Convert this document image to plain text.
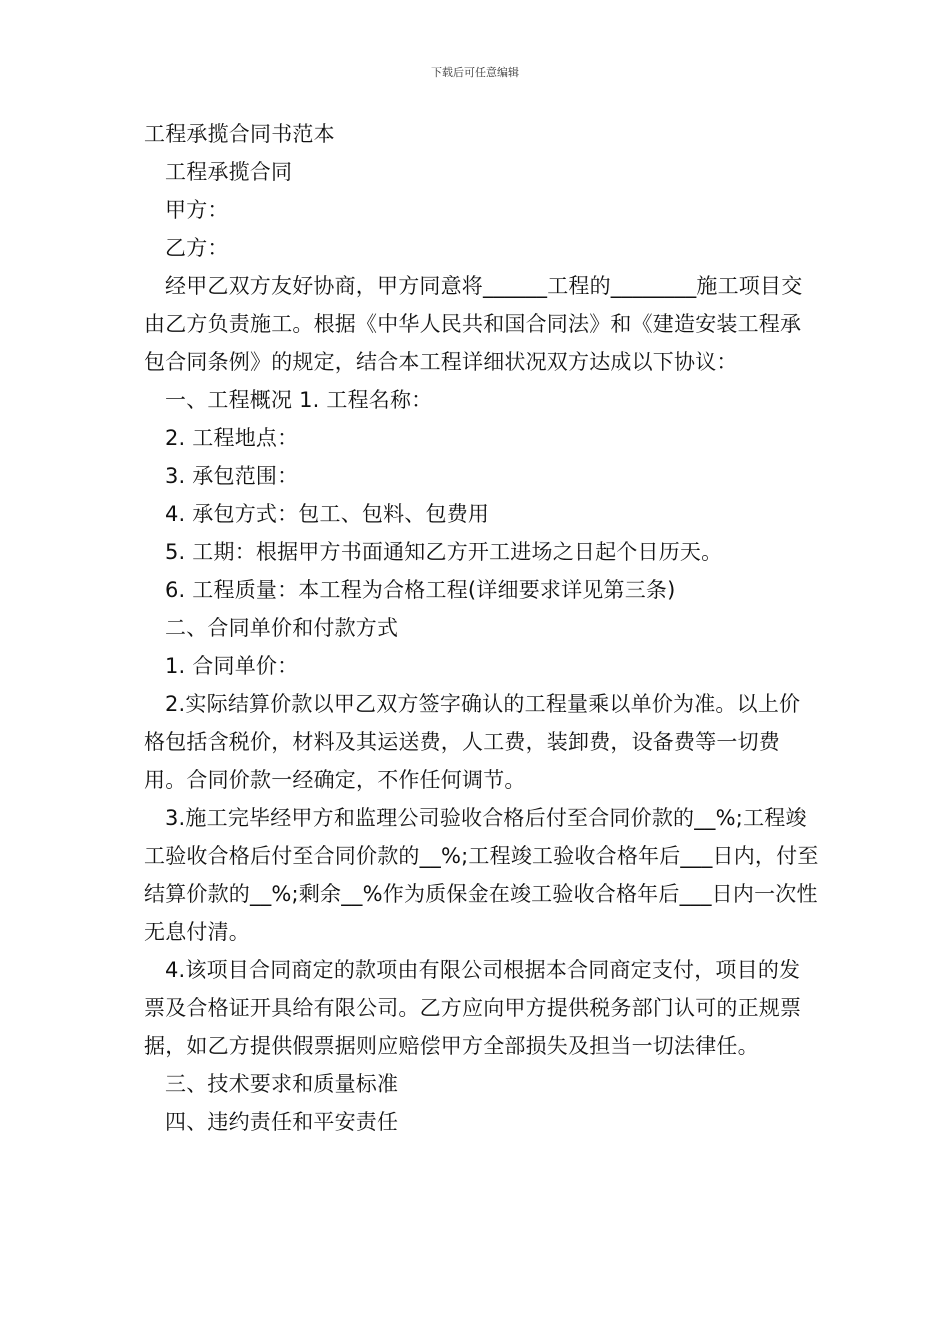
下载后可任意编辑

工程承揽合同书范本

工程承揽合同

甲方：

乙方：

经甲乙双方友好协商，甲方同意将______工程的________施工项目交由乙方负责施工。根据《中华人民共和国合同法》和《建造安装工程承包合同条例》的规定，结合本工程详细状况双方达成以下协议：

一、工程概况 1. 工程名称：

2. 工程地点：

3. 承包范围：

4. 承包方式：包工、包料、包费用

5. 工期：根据甲方书面通知乙方开工进场之日起个日历天。

6. 工程质量：本工程为合格工程(详细要求详见第三条)

二、合同单价和付款方式

1. 合同单价：

2.实际结算价款以甲乙双方签字确认的工程量乘以单价为准。以上价格包括含税价，材料及其运送费，人工费，装卸费，设备费等一切费用。合同价款一经确定，不作任何调节。

3.施工完毕经甲方和监理公司验收合格后付至合同价款的__%;工程竣工验收合格后付至合同价款的__%;工程竣工验收合格年后___日内，付至结算价款的__%;剩余__%作为质保金在竣工验收合格年后___日内一次性无息付清。

4.该项目合同商定的款项由有限公司根据本合同商定支付，项目的发票及合格证开具给有限公司。乙方应向甲方提供税务部门认可的正规票据，如乙方提供假票据则应赔偿甲方全部损失及担当一切法律任。

三、技术要求和质量标准

四、违约责任和平安责任
